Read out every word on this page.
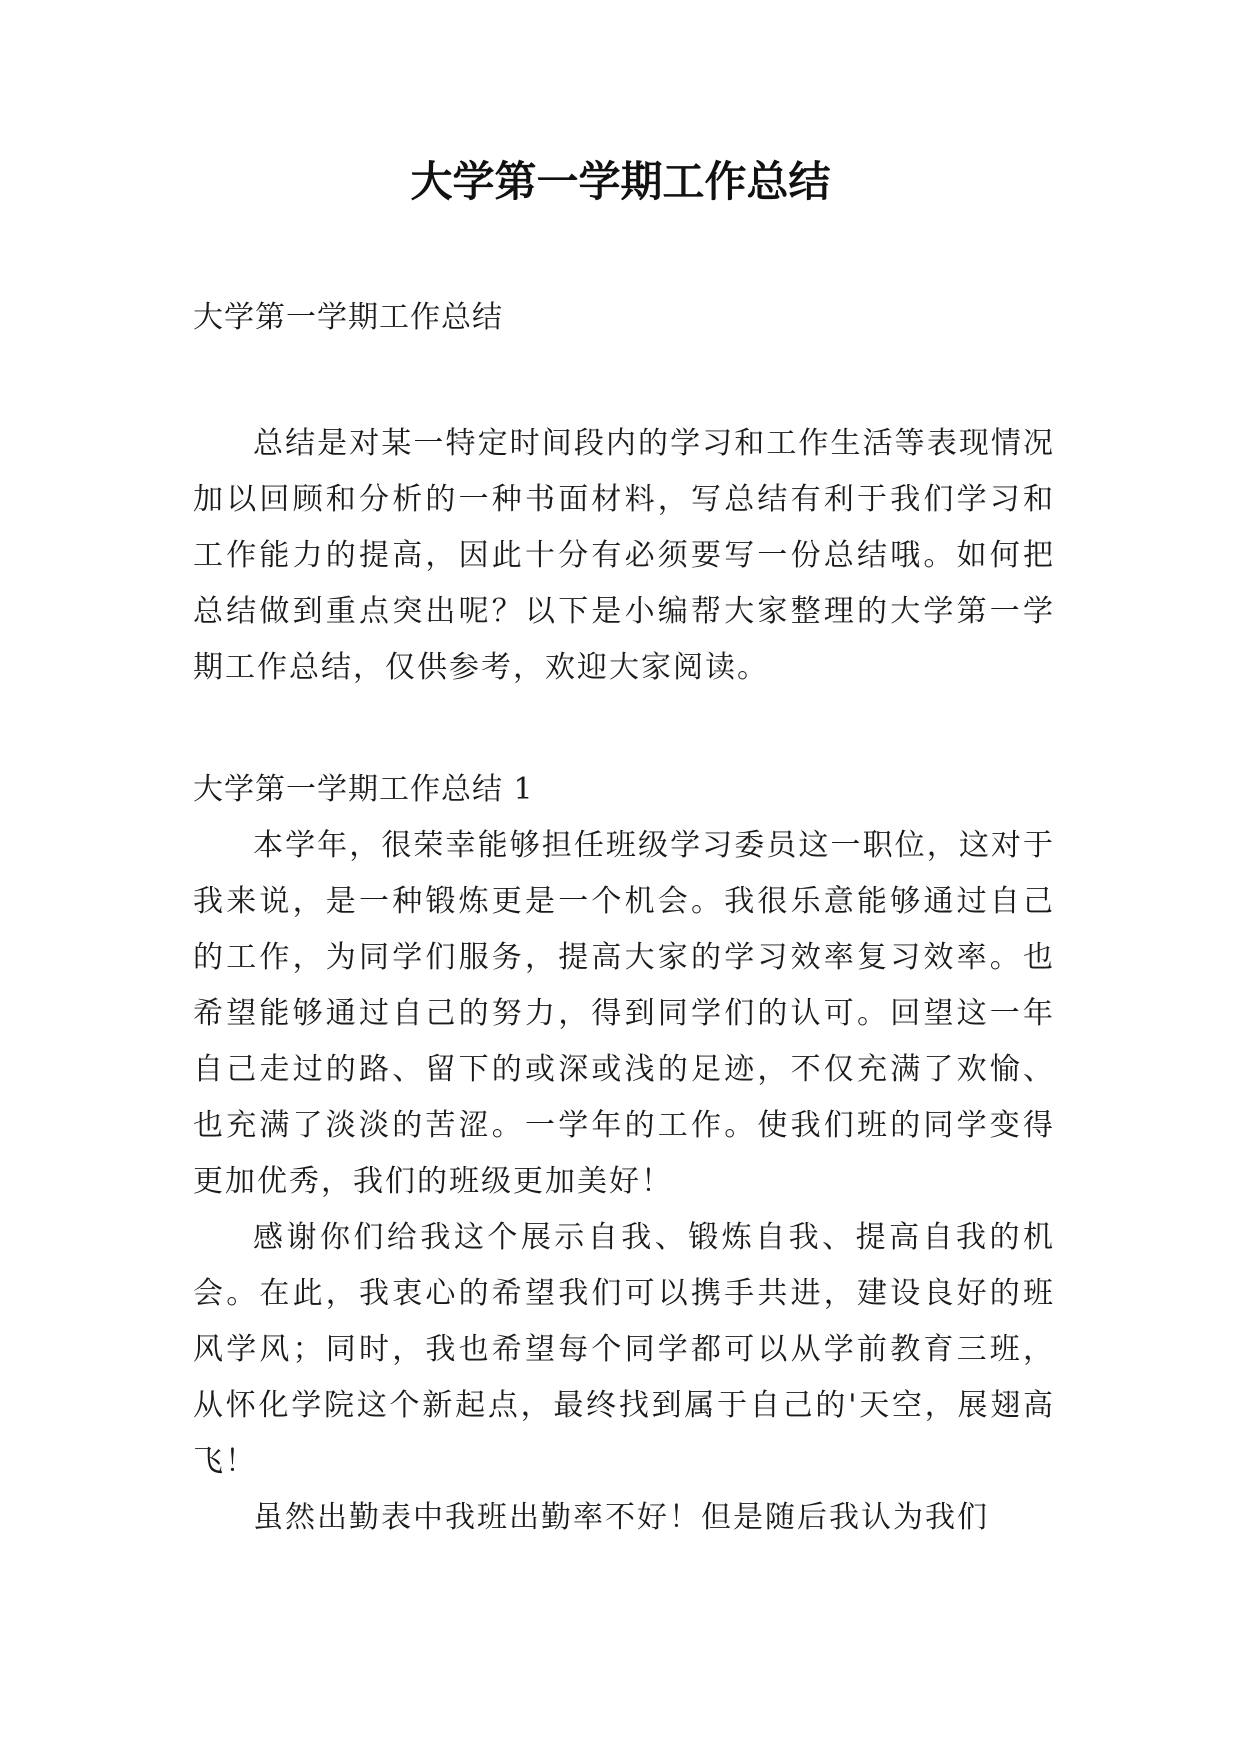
大学第一学期工作总结

大学第一学期工作总结

总结是对某一特定时间段内的学习和工作生活等表现情况加以回顾和分析的一种书面材料，写总结有利于我们学习和工作能力的提高，因此十分有必须要写一份总结哦。如何把总结做到重点突出呢？以下是小编帮大家整理的大学第一学期工作总结，仅供参考，欢迎大家阅读。

大学第一学期工作总结 1

本学年，很荣幸能够担任班级学习委员这一职位，这对于我来说，是一种锻炼更是一个机会。我很乐意能够通过自己的工作，为同学们服务，提高大家的学习效率复习效率。也希望能够通过自己的努力，得到同学们的认可。回望这一年自己走过的路、留下的或深或浅的足迹，不仅充满了欢愉、也充满了淡淡的苦涩。一学年的工作。使我们班的同学变得更加优秀，我们的班级更加美好！

感谢你们给我这个展示自我、锻炼自我、提高自我的机会。在此，我衷心的希望我们可以携手共进，建设良好的班风学风；同时，我也希望每个同学都可以从学前教育三班，从怀化学院这个新起点，最终找到属于自己的'天空，展翅高飞！

虽然出勤表中我班出勤率不好！但是随后我认为我们
